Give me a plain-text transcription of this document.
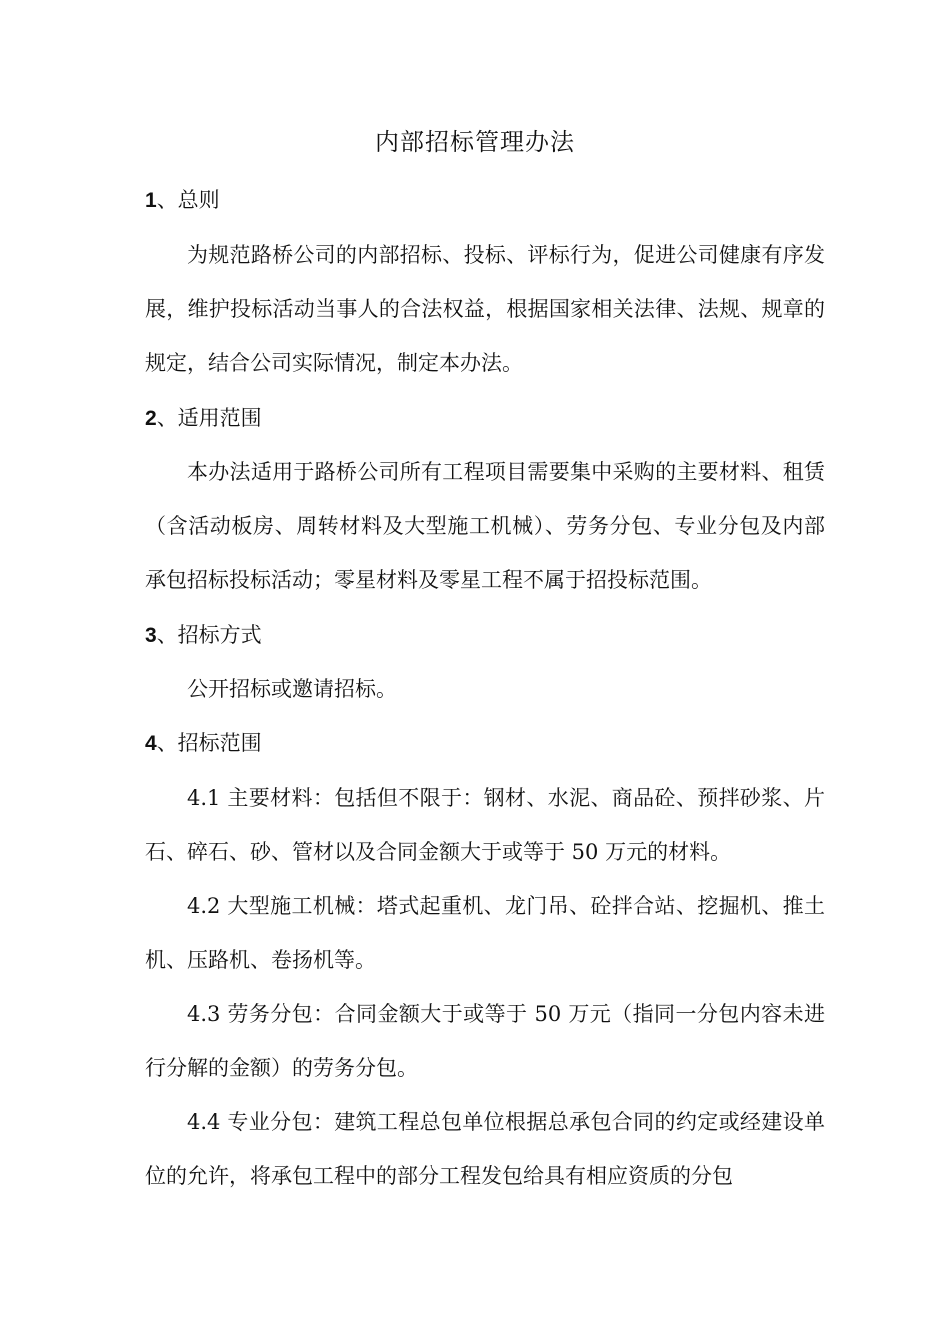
内部招标管理办法
1、总则

为规范路桥公司的内部招标、投标、评标行为，促进公司健康有序发展，维护投标活动当事人的合法权益，根据国家相关法律、法规、规章的规定，结合公司实际情况，制定本办法。

2、适用范围

本办法适用于路桥公司所有工程项目需要集中采购的主要材料、租赁（含活动板房、周转材料及大型施工机械）、劳务分包、专业分包及内部承包招标投标活动；零星材料及零星工程不属于招投标范围。

3、招标方式

公开招标或邀请招标。

4、招标范围

4.1 主要材料：包括但不限于：钢材、水泥、商品砼、预拌砂浆、片石、碎石、砂、管材以及合同金额大于或等于 50 万元的材料。

4.2 大型施工机械：塔式起重机、龙门吊、砼拌合站、挖掘机、推土机、压路机、卷扬机等。

4.3 劳务分包：合同金额大于或等于 50 万元（指同一分包内容未进行分解的金额）的劳务分包。

4.4 专业分包：建筑工程总包单位根据总承包合同的约定或经建设单位的允许，将承包工程中的部分工程发包给具有相应资质的分包
